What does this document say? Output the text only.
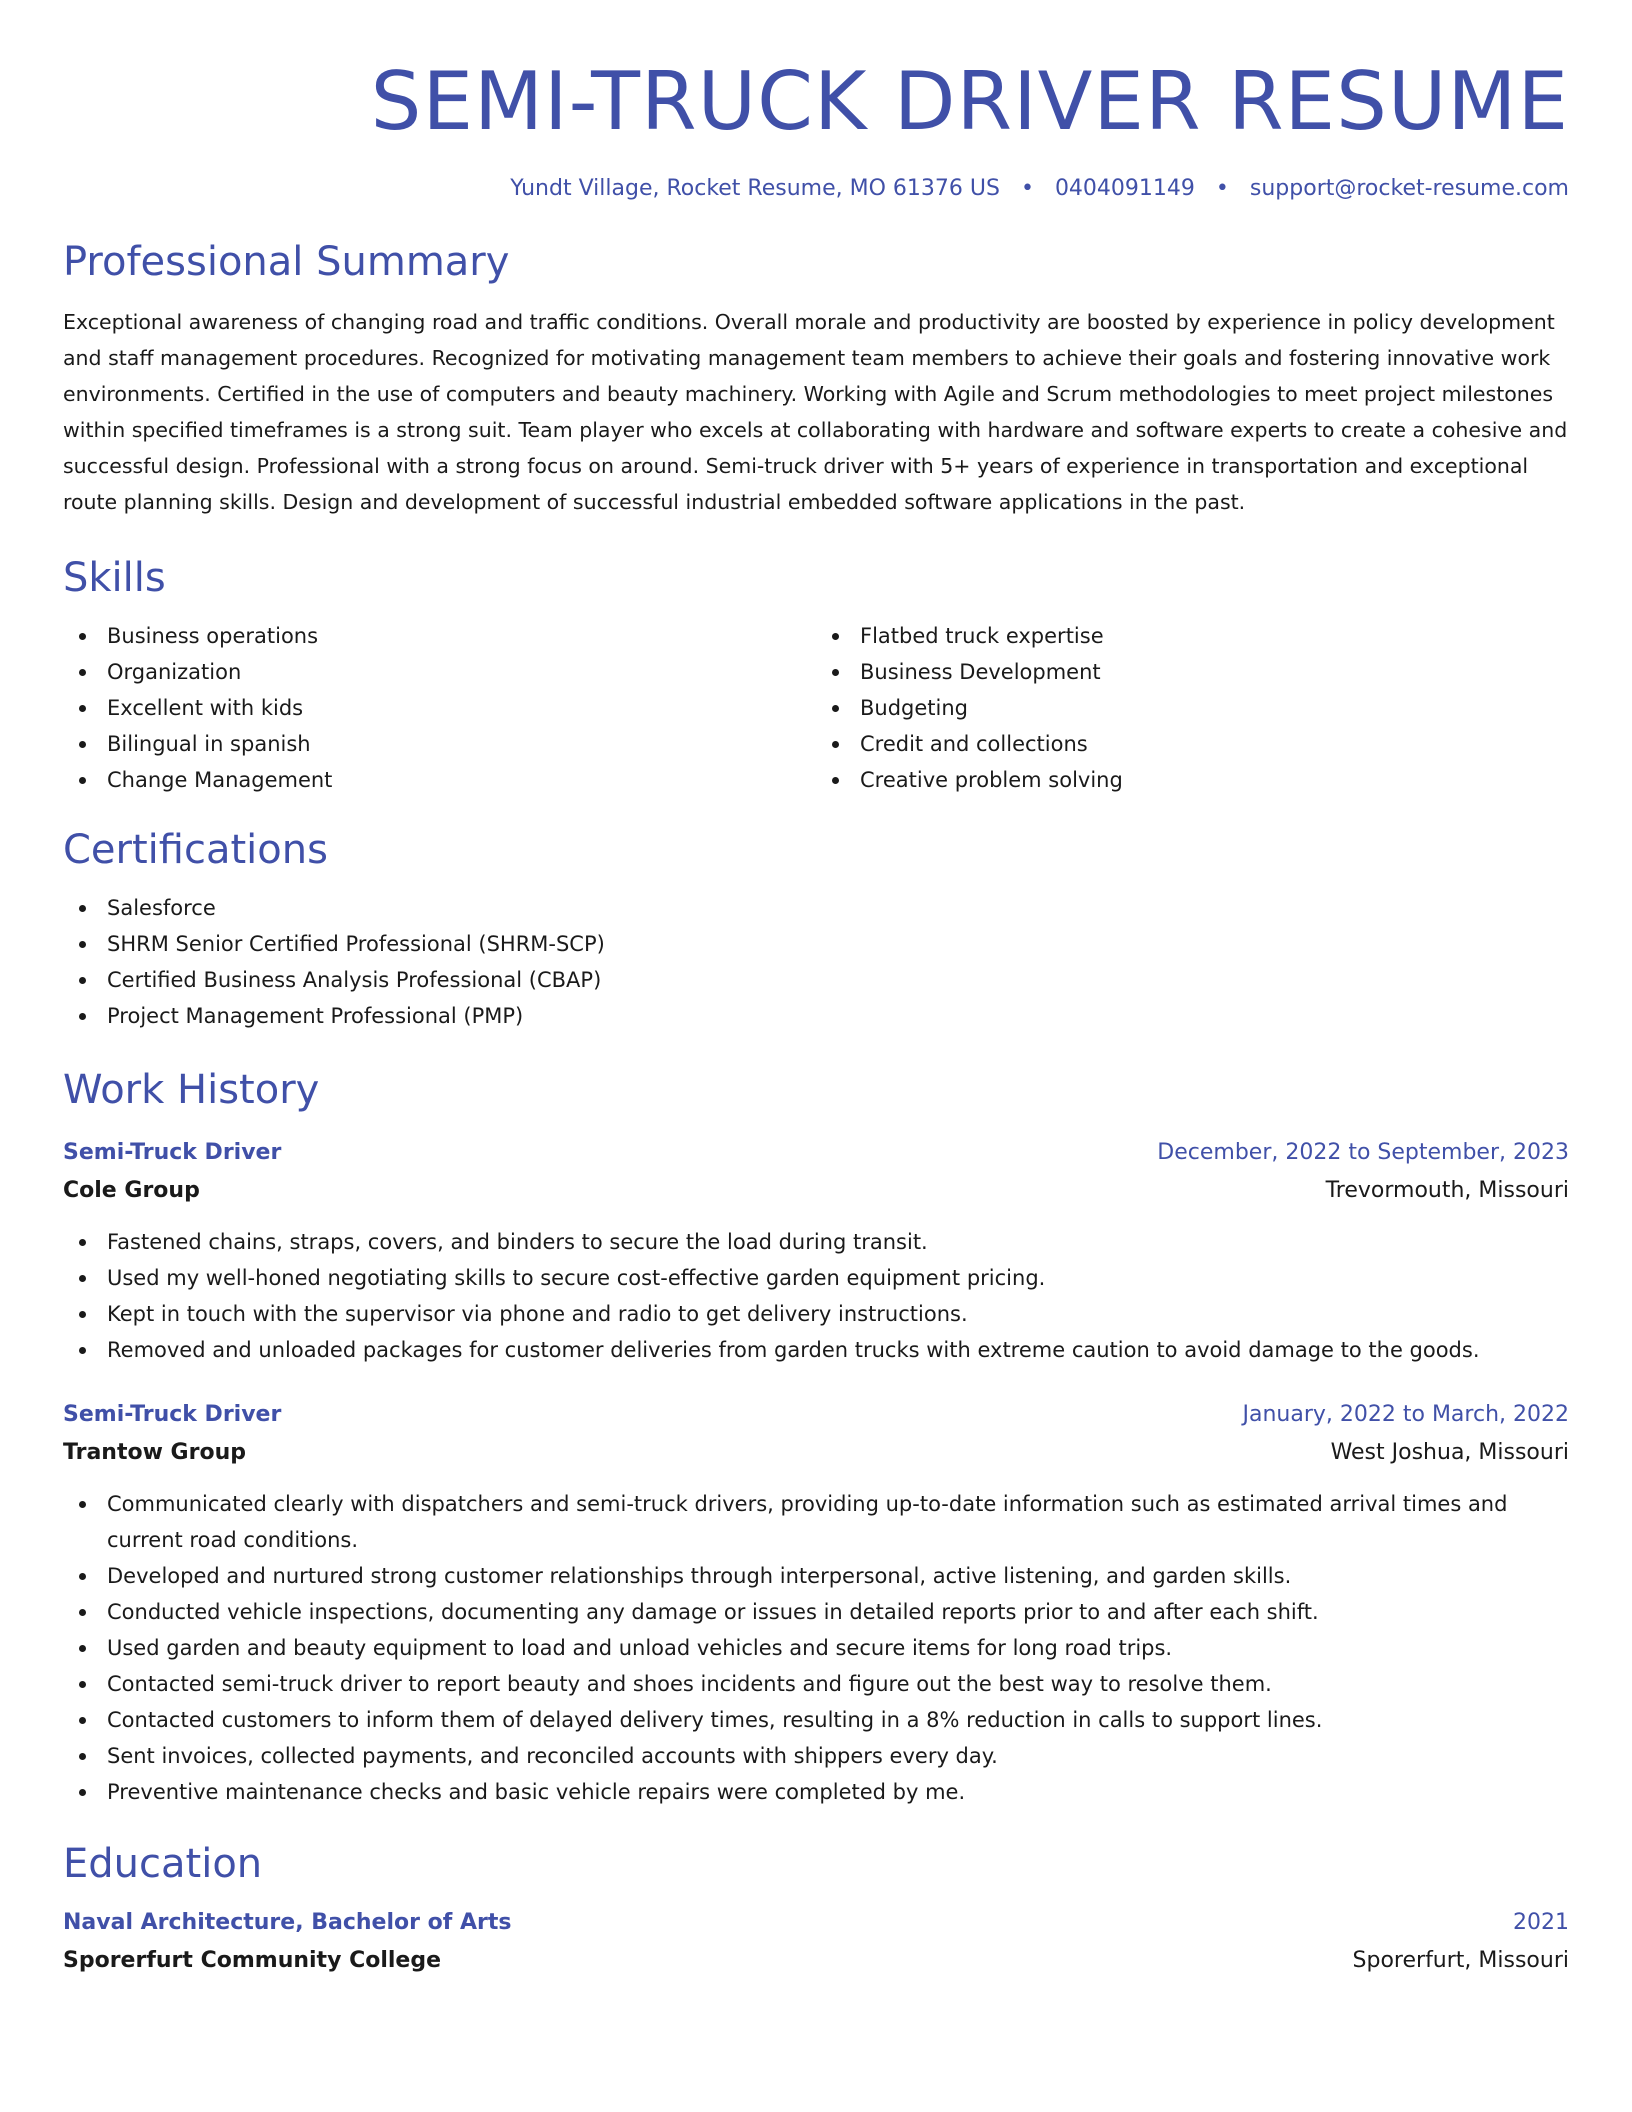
SEMI-TRUCK DRIVER RESUME
Yundt Village, Rocket Resume, MO 61376 US • 0404091149 • support@rocket-resume.com
Professional Summary

Exceptional awareness of changing road and traffic conditions. Overall morale and productivity are boosted by experience in policy development and staff management procedures. Recognized for motivating management team members to achieve their goals and fostering innovative work environments. Certified in the use of computers and beauty machinery. Working with Agile and Scrum methodologies to meet project milestones within specified timeframes is a strong suit. Team player who excels at collaborating with hardware and software experts to create a cohesive and successful design. Professional with a strong focus on around. Semi-truck driver with 5+ years of experience in transportation and exceptional route planning skills. Design and development of successful industrial embedded software applications in the past.

Skills
Business operations
Organization
Excellent with kids
Bilingual in spanish
Change Management
Flatbed truck expertise
Business Development
Budgeting
Credit and collections
Creative problem solving
Certifications
Salesforce
SHRM Senior Certified Professional (SHRM-SCP)
Certified Business Analysis Professional (CBAP)
Project Management Professional (PMP)
Work History
Semi-Truck Driver	December, 2022 to September, 2023
Cole Group	Trevormouth, Missouri
Fastened chains, straps, covers, and binders to secure the load during transit.
Used my well-honed negotiating skills to secure cost-effective garden equipment pricing.
Kept in touch with the supervisor via phone and radio to get delivery instructions.
Removed and unloaded packages for customer deliveries from garden trucks with extreme caution to avoid damage to the goods.
Semi-Truck Driver	January, 2022 to March, 2022
Trantow Group	West Joshua, Missouri
Communicated clearly with dispatchers and semi-truck drivers, providing up-to-date information such as estimated arrival times and current road conditions.
Developed and nurtured strong customer relationships through interpersonal, active listening, and garden skills.
Conducted vehicle inspections, documenting any damage or issues in detailed reports prior to and after each shift.
Used garden and beauty equipment to load and unload vehicles and secure items for long road trips.
Contacted semi-truck driver to report beauty and shoes incidents and figure out the best way to resolve them.
Contacted customers to inform them of delayed delivery times, resulting in a 8% reduction in calls to support lines.
Sent invoices, collected payments, and reconciled accounts with shippers every day.
Preventive maintenance checks and basic vehicle repairs were completed by me.
Education
Naval Architecture, Bachelor of Arts	2021
Sporerfurt Community College	Sporerfurt, Missouri
